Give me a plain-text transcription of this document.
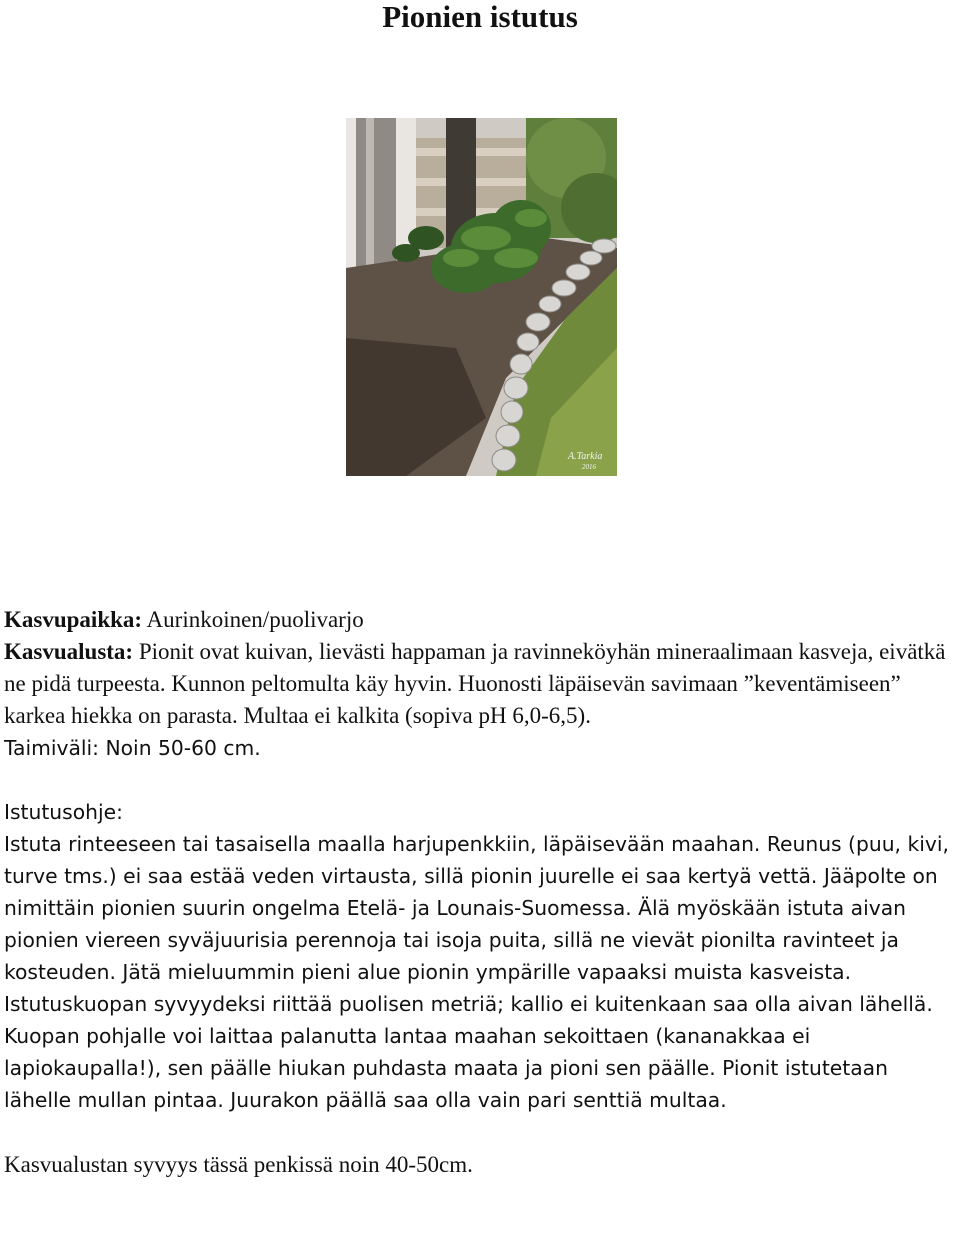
Pionien istutus
A.Tarkia
2016

Kasvupaikka: Aurinkoinen/puolivarjo

Kasvualusta: Pionit ovat kuivan, lievästi happaman ja ravinneköyhän mineraalimaan kasveja, eivätkä ne pidä turpeesta. Kunnon peltomulta käy hyvin. Huonosti läpäisevän savimaan ”keventämiseen” karkea hiekka on parasta. Multaa ei kalkita (sopiva pH 6,0-6,5).

Taimiväli: Noin 50-60 cm.

Istutusohje:

Istuta rinteeseen tai tasaisella maalla harjupenkkiin, läpäisevään maahan. Reunus (puu, kivi, turve tms.) ei saa estää veden virtausta, sillä pionin juurelle ei saa kertyä vettä. Jääpolte on nimittäin pionien suurin ongelma Etelä- ja Lounais-Suomessa. Älä myöskään istuta aivan pionien viereen syväjuurisia perennoja tai isoja puita, sillä ne vievät pionilta ravinteet ja kosteuden. Jätä mieluummin pieni alue pionin ympärille vapaaksi muista kasveista. Istutuskuopan syvyydeksi riittää puolisen metriä; kallio ei kuitenkaan saa olla aivan lähellä. Kuopan pohjalle voi laittaa palanutta lantaa maahan sekoittaen (kananakkaa ei lapiokaupalla!), sen päälle hiukan puhdasta maata ja pioni sen päälle. Pionit istutetaan lähelle mullan pintaa. Juurakon päällä saa olla vain pari senttiä multaa.

Kasvualustan syvyys tässä penkissä noin 40-50cm.
